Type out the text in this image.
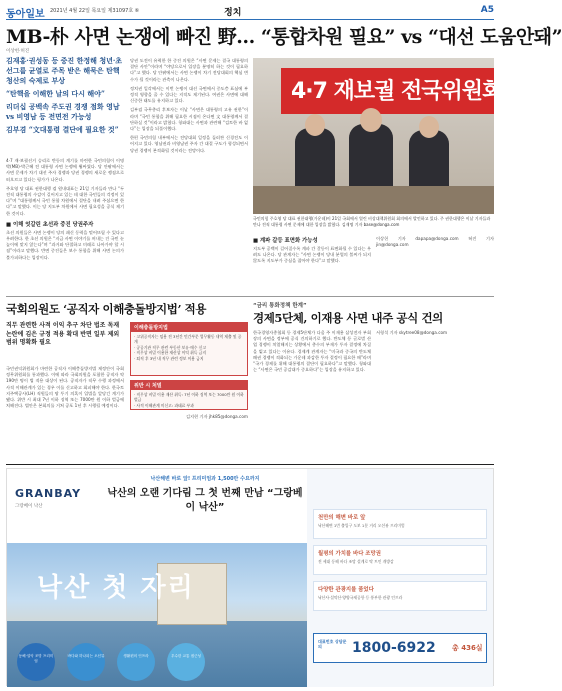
동아일보 2021년 4월 22일 목요일 제31097호 ⑥	정치	A5
MB-朴 사면 논쟁에 빠진 野… “통합차원 필요” vs “대선 도움안돼”
이상헌·허진
김재홍·권성동 등 중진 한정해 청년·초선그룹 균열로 주목 받은 해묵은 탄핵 청산의 숙제로 부상
“탄핵을 이해한 날의 다시 해야”
리더십 공백속 주도권 경쟁 점화 영남 vs 비영남 등 전면전 가능성
김부겸 “文대통령 결단에 필요한 것”

4·7 재·보궐선거 승리로 반등의 계기를 마련한 국민의힘이 이명박(MB)·박근혜 전 대통령 사면 논쟁에 휩싸였다. 당 안팎에서는 사면 문제가 차기 대선 주자 경쟁과 당권 경쟁의 새로운 쟁점으로 떠오르고 있다는 평가가 나온다.

주호영 당 대표 권한대행 겸 원내대표는 21일 기자들과 만나 “두 전직 대통령의 수감이 길어지고 있는 데 대한 국민들의 걱정이 있다”며 “대통령께서 국민 통합 차원에서 결단을 내려 주셨으면 한다”고 말했다. 이는 당 지도부 차원에서 사면 필요성을 공식 제기한 것이다.

■ 이해 엇갈린 초선과 중진 당권주자

초선 의원들은 사면 논쟁이 당의 쇄신 동력을 떨어뜨릴 수 있다고 우려한다. 한 초선 의원은 “지금 사면 이야기를 꺼내는 건 국민 눈높이에 맞지 않는다”며 “과거와 단절하고 미래로 나아가야 할 시점”이라고 말했다. 반면 중진들은 보수 통합을 위해 사면 논의가 불가피하다는 입장이다.

당권 도전이 유력한 한 중진 의원은 “사면 문제는 결국 대통령의 결단 사안”이라며 “야당으로서 입장을 분명히 하는 것이 필요하다”고 했다. 당 안팎에서는 사면 논쟁이 차기 전당대회의 핵심 변수가 될 것이라는 관측이 나온다.

정치권 일각에서는 이번 논쟁이 대선 국면에서 중도층 표심에 부정적 영향을 줄 수 있다는 지적도 제기된다. 여권은 사면에 대해 신중한 태도를 유지하고 있다.

김부겸 국무총리 후보자는 이날 “사면은 대통령의 고유 권한”이라며 “국민 통합을 위해 필요한 시점이 온다면 文 대통령께서 결단하실 것”이라고 밝혔다. 청와대는 사면과 관련해 “검토한 바 없다”는 입장을 되풀이했다.

한편 국민의힘 내부에서는 전당대회 일정을 둘러싼 신경전도 이어지고 있다. 영남권과 비영남권 주자 간 대결 구도가 형성되면서 당권 경쟁이 본격화될 것이라는 전망이다.

4·7 재보궐 전국위원회
국민의힘 주호영 당 대표 권한대행(가운데)이 21일 국회에서 열린 비상대책위원회 회의에서 발언하고 있다. 주 권한대행은 이날 기자들과 만나 전직 대통령 사면 문제에 대한 입장을 밝혔다. 김재명 기자 base@donga.com

■ 계파 갈등 표면화 가능성

지도부 공백이 길어질수록 계파 간 갈등이 표면화될 수 있다는 우려도 나온다. 당 관계자는 “사면 논쟁이 당내 분열의 불씨가 되지 않도록 지도부가 중심을 잡아야 한다”고 말했다.

이상헌 기자 dapapa@donga.com 허진 기자 jin@donga.com

국회의원도 ‘공직자 이해충돌방지법’ 적용
직무 관련한 사적 이익 추구 차단 법조 독재 논란에 김은 규정 적용 확대 반면 일부 제외 범위 명확화 필요
국민권익위원회가 마련한 공직자 이해충돌방지법 제정안이 국회 정무위원회를 통과했다. 이에 따라 국회의원을 포함한 공직자 약 190만 명이 법 적용 대상이 된다. 공직자가 직무 수행 과정에서 사적 이해관계가 있는 경우 이를 신고하고 회피해야 한다. 한국토지주택공사(LH) 직원들의 땅 투기 의혹이 입법을 앞당긴 계기가 됐다. 위반 시 최대 7년 이하 징역 또는 7000만 원 이하 벌금에 처해진다. 법안은 본회의를 거쳐 공포 1년 후 시행될 예정이다.
이해충돌방지법
· 고위공직자는 임용 전 3년간 민간부문 업무활동 내역 제출 및 공개
· 공공기관 직무 관련 부동산 보유·매수 신고
· 직무상 비밀 이용한 재산상 이익 취득 금지
· 퇴직 후 3년 내 직무 관련 정보 이용 금지
위반 시 처벌
· 직무상 비밀 이용 재산 취득: 7년 이하 징역 또는 7000만 원 이하 벌금
· 사적 이해관계 미신고: 과태료 부과
김지현 기자 jhk85@donga.com
“금리 통화정책 한계”
경제5단체, 이재용 사면 내주 공식 건의
한국경영자총협회 등 경제5단체가 다음 주 이재용 삼성전자 부회장의 사면을 정부에 공식 건의하기로 했다. 반도체 등 글로벌 산업 경쟁이 치열해지는 상황에서 총수의 부재가 투자 결정에 차질을 빚고 있다는 이유다. 경제계 관계자는 “미국과 중국의 반도체 패권 경쟁이 격화되는 가운데 과감한 투자 결정이 필요한 때”라며 “국가 경제를 위해 대통령의 결단이 필요하다”고 말했다. 청와대는 “사면은 국민 공감대가 중요하다”는 입장을 유지하고 있다.
서형석 기자 skytree08@donga.com
GRANBAY
그랑베이 낙산
낙산해변 바로 앞! 프리미엄과 1,500만 수요까지
낙산의 오랜 기다림 그 첫 번째 만남 “그랑베이 낙산”
낙산 첫 자리
동해·설악 조망 프리미엄
바다와 하나되는 오션뷰	생활편의 인프라	우수한 교통 접근성
천만의 해변 바로 앞
낙산해변 1번 출입구 도보 1분 거리 오션뷰 프리미엄
월평의 가치를 바다 조망권
전 세대 동해 바다 조망 설계로 탁 트인 개방감
다양한 관광지를 품었다
낙산사·설악산·양양국제공항 등 풍부한 관광 인프라
대표번호 상담문의	1800-6922 총 436실
